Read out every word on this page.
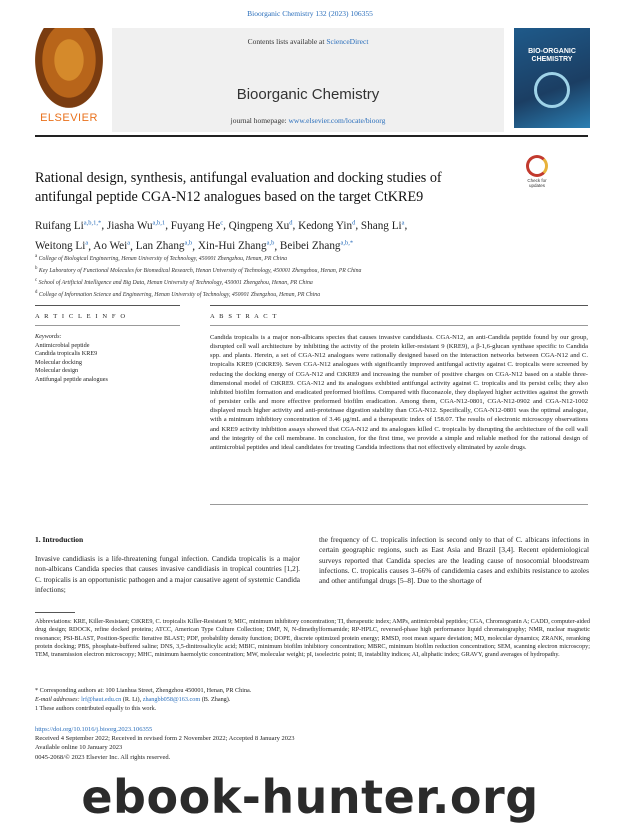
Bioorganic Chemistry 132 (2023) 106355
ELSEVIER
Contents lists available at ScienceDirect
Bioorganic Chemistry
journal homepage: www.elsevier.com/locate/bioorg
BIO-ORGANIC CHEMISTRY
Rational design, synthesis, antifungal evaluation and docking studies of
antifungal peptide CGA-N12 analogues based on the target CtKRE9
Check for updates
Ruifang $Li^{a,b,1,*}$, Jiasha Wu$^{a,b,1}$, Fuyang He$^c$, Qingpeng Xu$^d$, Kedong Yin$^d$, Shang Li$^a$,
Weitong Li$^a$, Ao Wei$^a$, Lan Zhang$^{a,b}$, Xin-Hui Zhang$^{a,b}$, Beibei Zhang$^{a,b,*}$
$^a$ College of Biological Engineering, Henan University of Technology, 450001 Zhengzhou, Henan, PR China
$^b$ Key Laboratory of Functional Molecules for Biomedical Research, Henan University of Technology, 450001 Zhengzhou, Henan, PR China
$^c$ School of Artificial Intelligence and Big Data, Henan University of Technology, 450001 Zhengzhou, Henan, PR China
$^d$ College of Information Science and Engineering, Henan University of Technology, 450001 Zhengzhou, Henan, PR China
A R T I C L E I N F O	A B S T R A C T
Keywords:
Antimicrobial peptide
Candida tropicalis KRE9
Molecular docking
Molecular design
Antifungal peptide analogues
Candida tropicalis is a major non-albicans species that causes invasive candidiasis. CGA-N12, an anti-Candida peptide found by our group, disrupted cell wall architecture by inhibiting the activity of the protein killer-resistant 9 (KRE9), a β-1,6-glucan synthase specific to Candida spp. and plants. Herein, a set of CGA-N12 analogues were rationally designed based on the interaction networks between CGA-N12 and C. tropicalis KRE9 (CtKRE9). Seven CGA-N12 analogues with significantly improved antifungal activity against C. tropicalis were screened by reducing the docking energy of CGA-N12 and CtKRE9 and increasing the number of positive charges on CGA-N12 based on a stable three-dimensional model of CtKRE9. CGA-N12 and its analogues exhibited antifungal activity against C. tropicalis and its persist cells; they also inhibited biofilm formation and eradicated preformed biofilms. Compared with fluconazole, they displayed higher activities against the growth of persister cells and more effective preformed biofilm eradication. Among them, CGA-N12-0801, CGA-N12-0902 and CGA-N12-1002 displayed much higher activity and anti-proteinase digestion stability than CGA-N12. Specifically, CGA-N12-0801 was the optimal analogue, with a minimum inhibitory concentration of 3.46 μg/mL and a therapeutic index of 158.07. The results of electronic microscopy observations and KRE9 activity inhibition assays showed that CGA-N12 and its analogues killed C. tropicalis by disrupting the architecture of the cell wall and the integrity of the cell membrane. In conclusion, for the first time, we provide a simple and reliable method for the rational design of antimicrobial peptides and ideal candidates for treating Candida infections that not effectively eliminated by azole drugs.
1. Introduction
Invasive candidiasis is a life-threatening fungal infection. Candida tropicalis is a major non-albicans Candida species that causes invasive candidiasis in tropical countries [1,2]. C. tropicalis is an opportunistic pathogen and a major causative agent of systemic Candida infections;
the frequency of C. tropicalis infection is second only to that of C. albicans infections in certain geographic regions, such as East Asia and Brazil [3,4]. Recent epidemiological surveys reported that Candida species are the leading cause of nosocomial bloodstream infections. C. tropicalis causes 3–66% of candidemia cases and exhibits resistance to azoles and other antifungal drugs [5–8]. Due to the shortage of
Abbreviations: KRE, Killer-Resistant; CtKRE9, C. tropicalis Killer-Resistant 9; MIC, minimum inhibitory concentration; TI, therapeutic index; AMPs, antimicrobial peptides; CGA, Chromogranin A; CADD, computer-aided drug design; RDOCK, refine docked proteins; ATCC, American Type Culture Collection; DMF, N, N-dimethylformamide; RP-HPLC, reversed-phase high performance liquid chromatography; NMR, nuclear magnetic resonance; PSI-BLAST, Position-Specific Iterative BLAST; PDF, probability density function; DOPE, discrete optimized protein energy; RMSD, root mean square deviation; MD, molecular dynamics; ZRANK, reranking protein docking; PBS, phosphate-buffered saline; DNS, 3,5-dinitrosalicylic acid; MBIC, minimum biofilm inhibitory concentration; MBRC, minimum biofilm reduction concentration; SEM, scanning electron microscopy; TEM, transmission electron microscopy; MHC, minimum haemolytic concentration; MW, molecular weight; pI, isoelectric point; II, instability indices; AI, aliphatic index; GRAVY, grand averages of hydropathy.
* Corresponding authors at: 100 Lianhua Street, Zhengzhou 450001, Henan, PR China.
E-mail addresses: lrf@haut.edu.cn (R. Li), zhangbb058@163.com (B. Zhang).
1 These authors contributed equally to this work.
https://doi.org/10.1016/j.bioorg.2023.106355
Received 4 September 2022; Received in revised form 2 November 2022; Accepted 8 January 2023
Available online 10 January 2023
0045-2068/© 2023 Elsevier Inc. All rights reserved.
ebook-hunter.org
